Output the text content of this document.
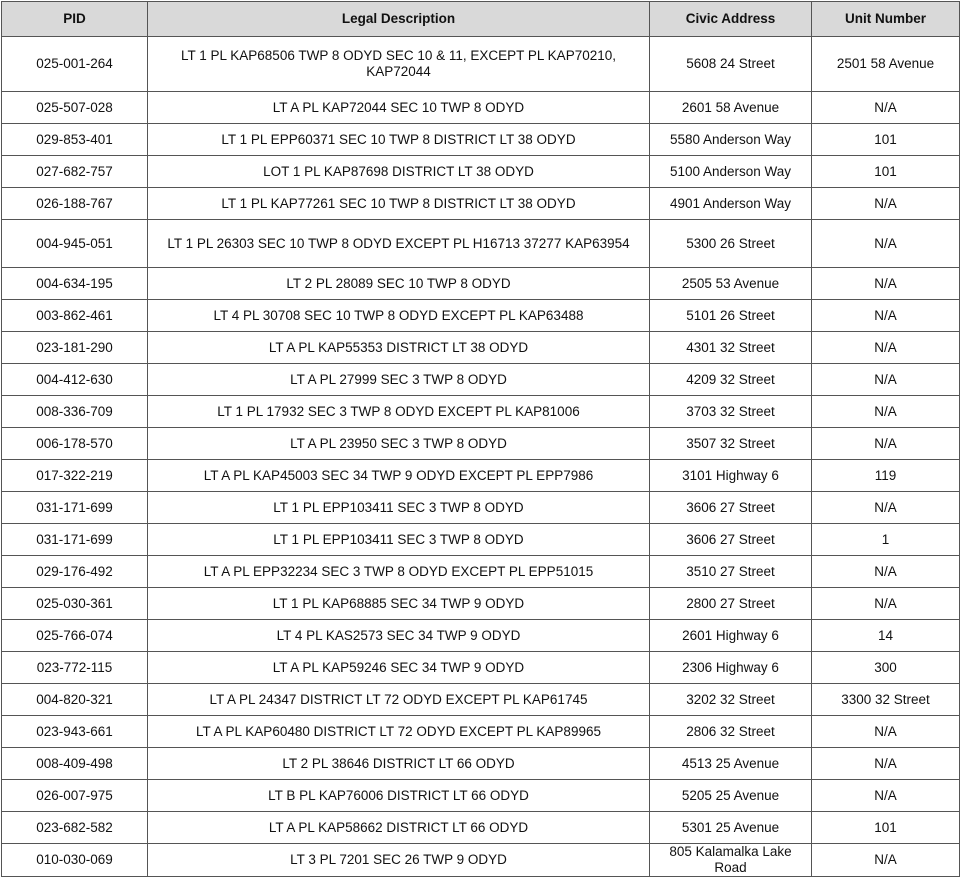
PID	Legal Description	Civic Address	Unit Number
025-001-264	LT 1 PL KAP68506 TWP 8 ODYD SEC 10 & 11, EXCEPT PL KAP70210, KAP72044	5608 24 Street	2501 58 Avenue
025-507-028	LT A PL KAP72044 SEC 10 TWP 8 ODYD	2601 58 Avenue	N/A
029-853-401	LT 1 PL EPP60371 SEC 10 TWP 8 DISTRICT LT 38 ODYD	5580 Anderson Way	101
027-682-757	LOT 1 PL KAP87698 DISTRICT LT 38 ODYD	5100 Anderson Way	101
026-188-767	LT 1 PL KAP77261 SEC 10 TWP 8 DISTRICT LT 38 ODYD	4901 Anderson Way	N/A
004-945-051	LT 1 PL 26303 SEC 10 TWP 8 ODYD EXCEPT PL H16713 37277 KAP63954	5300 26 Street	N/A
004-634-195	LT 2 PL 28089 SEC 10 TWP 8 ODYD	2505 53 Avenue	N/A
003-862-461	LT 4 PL 30708 SEC 10 TWP 8 ODYD EXCEPT PL KAP63488	5101 26 Street	N/A
023-181-290	LT A PL KAP55353 DISTRICT LT 38 ODYD	4301 32 Street	N/A
004-412-630	LT A PL 27999 SEC 3 TWP 8 ODYD	4209 32 Street	N/A
008-336-709	LT 1 PL 17932 SEC 3 TWP 8 ODYD EXCEPT PL KAP81006	3703 32 Street	N/A
006-178-570	LT A PL 23950 SEC 3 TWP 8 ODYD	3507 32 Street	N/A
017-322-219	LT A PL KAP45003 SEC 34 TWP 9 ODYD EXCEPT PL EPP7986	3101 Highway 6	119
031-171-699	LT 1 PL EPP103411 SEC 3 TWP 8 ODYD	3606 27 Street	N/A
031-171-699	LT 1 PL EPP103411 SEC 3 TWP 8 ODYD	3606 27 Street	1
029-176-492	LT A PL EPP32234 SEC 3 TWP 8 ODYD EXCEPT PL EPP51015	3510 27 Street	N/A
025-030-361	LT 1 PL KAP68885 SEC 34 TWP 9 ODYD	2800 27 Street	N/A
025-766-074	LT 4 PL KAS2573 SEC 34 TWP 9 ODYD	2601 Highway 6	14
023-772-115	LT A PL KAP59246 SEC 34 TWP 9 ODYD	2306 Highway 6	300
004-820-321	LT A PL 24347 DISTRICT LT 72 ODYD EXCEPT PL KAP61745	3202 32 Street	3300 32 Street
023-943-661	LT A PL KAP60480 DISTRICT LT 72 ODYD EXCEPT PL KAP89965	2806 32 Street	N/A
008-409-498	LT 2 PL 38646 DISTRICT LT 66 ODYD	4513 25 Avenue	N/A
026-007-975	LT B PL KAP76006 DISTRICT LT 66 ODYD	5205 25 Avenue	N/A
023-682-582	LT A PL KAP58662 DISTRICT LT 66 ODYD	5301 25 Avenue	101
010-030-069	LT 3 PL 7201 SEC 26 TWP 9 ODYD	805 Kalamalka Lake Road	N/A
